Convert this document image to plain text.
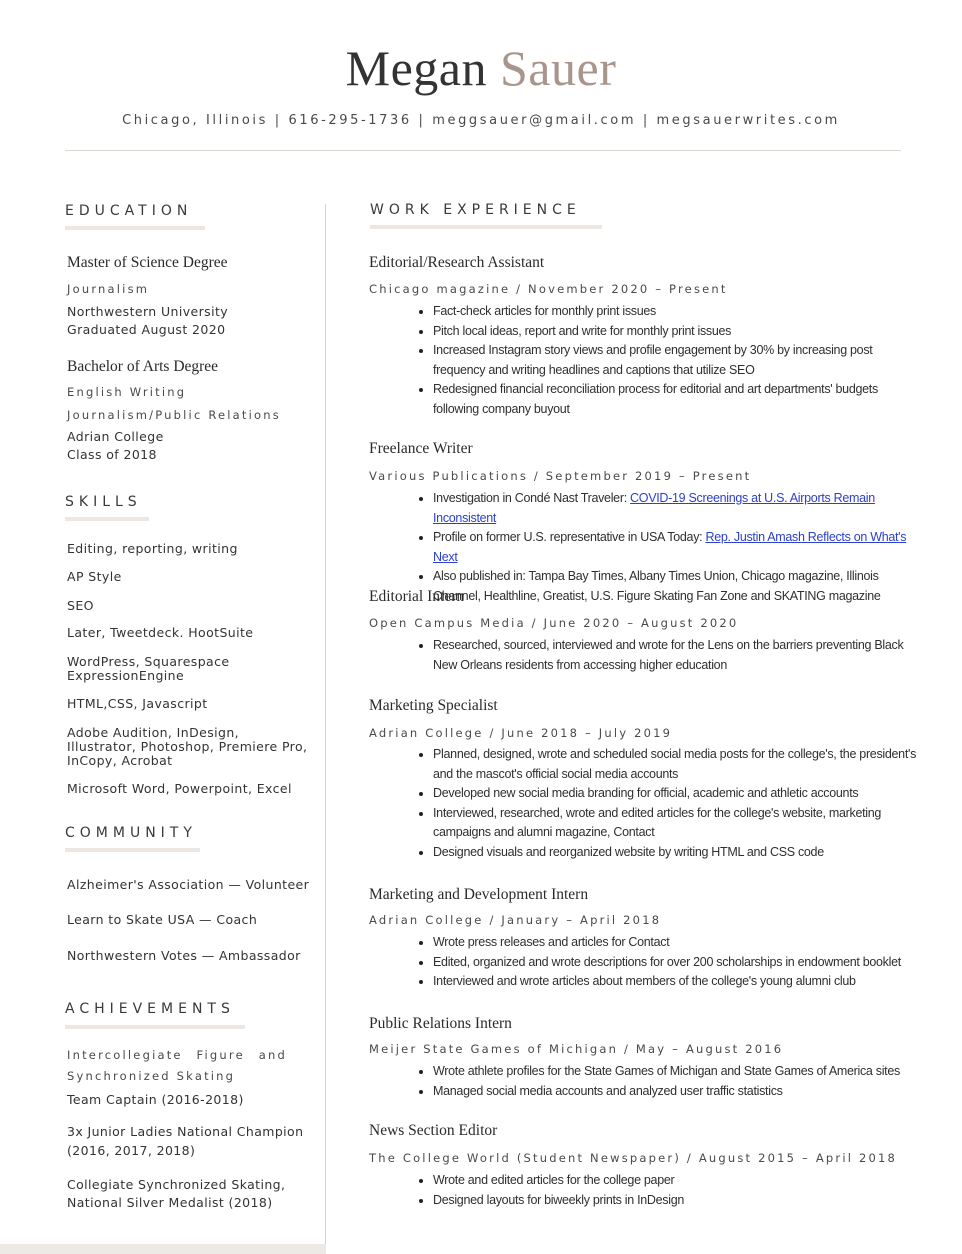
Megan Sauer
Chicago, Illinois | 616-295-1736 | meggsauer@gmail.com | megsauerwrites.com
EDUCATION
Master of Science Degree
Journalism
Northwestern University
Graduated August 2020
Bachelor of Arts Degree
English Writing
Journalism/Public Relations
Adrian College
Class of 2018
SKILLS
Editing, reporting, writing
AP Style
SEO
Later, Tweetdeck. HootSuite
WordPress, Squarespace
ExpressionEngine
HTML,CSS, Javascript
Adobe Audition, InDesign,
Illustrator, Photoshop, Premiere Pro,
InCopy, Acrobat
Microsoft Word, Powerpoint, Excel
COMMUNITY
Alzheimer's Association — Volunteer
Learn to Skate USA — Coach
Northwestern Votes — Ambassador
ACHIEVEMENTS
Intercollegiate Figure and
Synchronized Skating
Team Captain (2016-2018)
3x Junior Ladies National Champion
(2016, 2017, 2018)
Collegiate Synchronized Skating,
National Silver Medalist (2018)
WORK EXPERIENCE
Editorial/Research Assistant
Chicago magazine / November 2020 – Present
Fact-check articles for monthly print issues
Pitch local ideas, report and write for monthly print issues
Increased Instagram story views and profile engagement by 30% by increasing post frequency and writing headlines and captions that utilize SEO
Redesigned financial reconciliation process for editorial and art departments' budgets following company buyout
Freelance Writer
Various Publications / September 2019 – Present
Investigation in Condé Nast Traveler: COVID-19 Screenings at U.S. Airports Remain Inconsistent
Profile on former U.S. representative in USA Today: Rep. Justin Amash Reflects on What's Next
Also published in: Tampa Bay Times, Albany Times Union, Chicago magazine, Illinois Channel, Healthline, Greatist, U.S. Figure Skating Fan Zone and SKATING magazine
Editorial Intern
Open Campus Media / June 2020 – August 2020
Researched, sourced, interviewed and wrote for the Lens on the barriers preventing Black New Orleans residents from accessing higher education
Marketing Specialist
Adrian College / June 2018 – July 2019
Planned, designed, wrote and scheduled social media posts for the college's, the president's and the mascot's official social media accounts
Developed new social media branding for official, academic and athletic accounts
Interviewed, researched, wrote and edited articles for the college's website, marketing campaigns and alumni magazine, Contact
Designed visuals and reorganized website by writing HTML and CSS code
Marketing and Development Intern
Adrian College / January – April 2018
Wrote press releases and articles for Contact
Edited, organized and wrote descriptions for over 200 scholarships in endowment booklet
Interviewed and wrote articles about members of the college's young alumni club
Public Relations Intern
Meijer State Games of Michigan / May – August 2016
Wrote athlete profiles for the State Games of Michigan and State Games of America sites
Managed social media accounts and analyzed user traffic statistics
News Section Editor
The College World (Student Newspaper) / August 2015 – April 2018
Wrote and edited articles for the college paper
Designed layouts for biweekly prints in InDesign
